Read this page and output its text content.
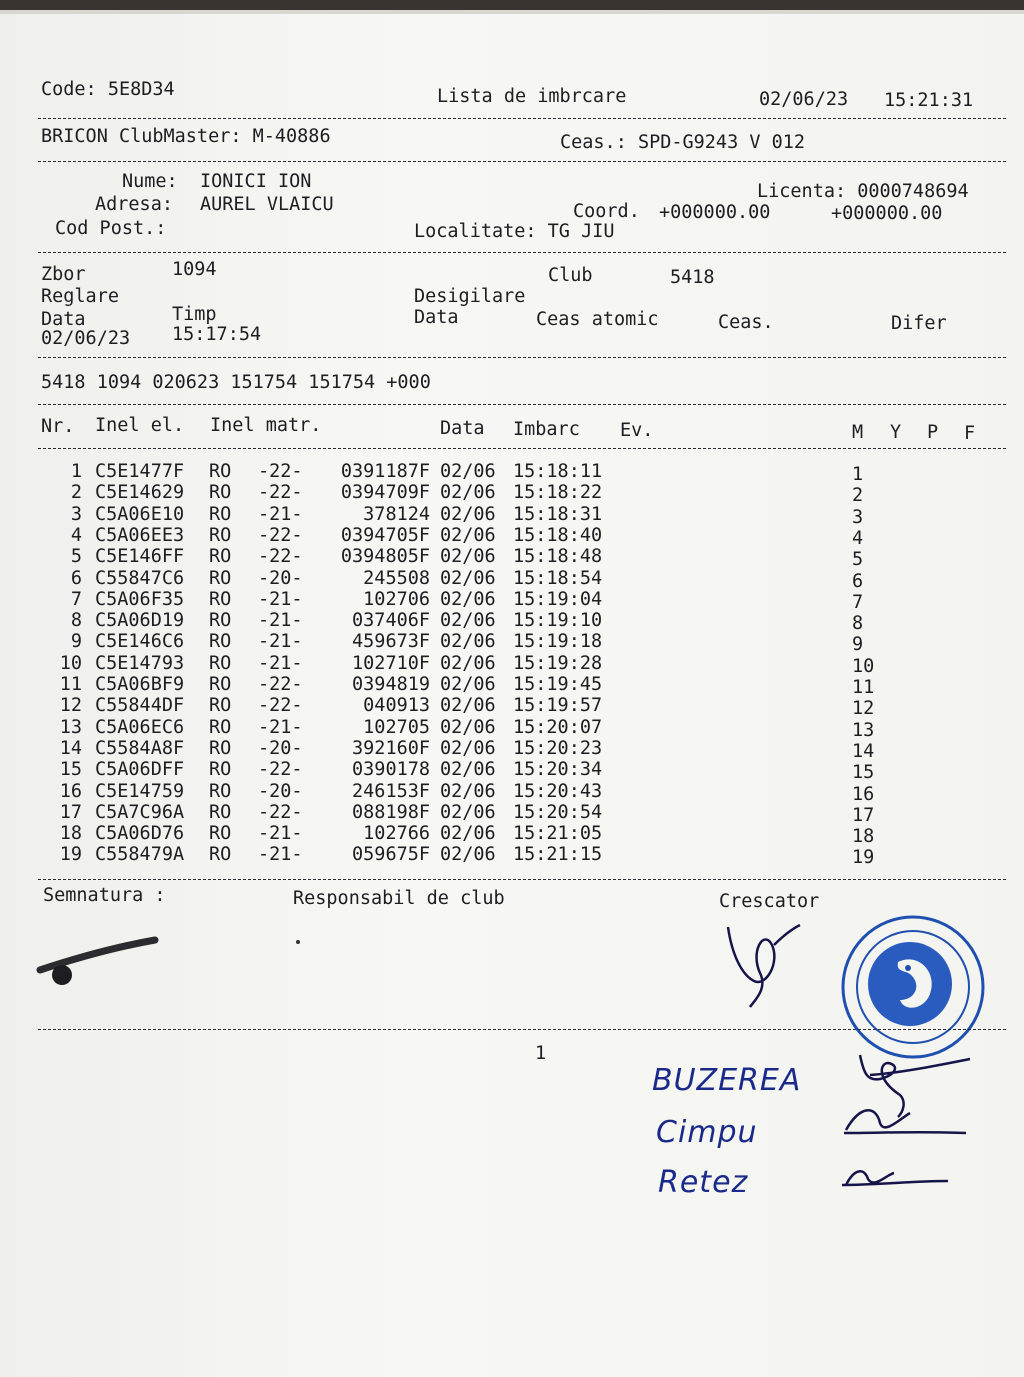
Code: 5E8D34	Lista de imbrcare	02/06/23 15:21:31
BRICON ClubMaster: M-40886	Ceas.: SPD-G9243 V 012
Nume: IONICI ION
Adresa: AUREL VLAICU
Cod Post.:
Licenta: 0000748694
Coord. +000000.00	+000000.00
Localitate: TG JIU
Zbor	1094	Club	5418
Reglare	Desigilare
Data	Timp	Data	Ceas atomic	Ceas.	Difer
02/06/23 15:17:54
5418 1094 020623 151754 151754 +000
Nr. Inel el. Inel matr.	Data Imbarc Ev.	M Y P F
1 C5E1477F RO -22- 0391187F 02/06 15:18:11	1
2 C5E14629 RO -22- 0394709F 02/06 15:18:22	2
3 C5A06E10 RO -21-	378124 02/06 15:18:31	3
4 C5A06EE3 RO -22- 0394705F 02/06 15:18:40	4
5 C5E146FF RO -22- 0394805F 02/06 15:18:48	5
6 C55847C6 RO -20-	245508 02/06 15:18:54	6
7 C5A06F35 RO -21-	102706 02/06 15:19:04	7
8 C5A06D19 RO -21-	037406F 02/06 15:19:10	8
9 C5E146C6 RO -21-	459673F 02/06 15:19:18	9
10 C5E14793 RO -21-	102710F 02/06 15:19:28	10
11 C5A06BF9 RO -22-	0394819 02/06 15:19:45	11
12 C55844DF RO -22-	040913 02/06 15:19:57	12
13 C5A06EC6 RO -21-	102705 02/06 15:20:07	13
14 C5584A8F RO -20-	392160F 02/06 15:20:23	14
15 C5A06DFF RO -22-	0390178 02/06 15:20:34	15
16 C5E14759 RO -20-	246153F 02/06 15:20:43	16
17 C5A7C96A RO -22-	088198F 02/06 15:20:54	17
18 C5A06D76 RO -21-	102766 02/06 15:21:05	18
19 C558479A RO -21-	059675F 02/06 15:21:15	19
Semnatura :	Responsabil de club	Crescator
1
BUZEREA
Cimpu
Retez
